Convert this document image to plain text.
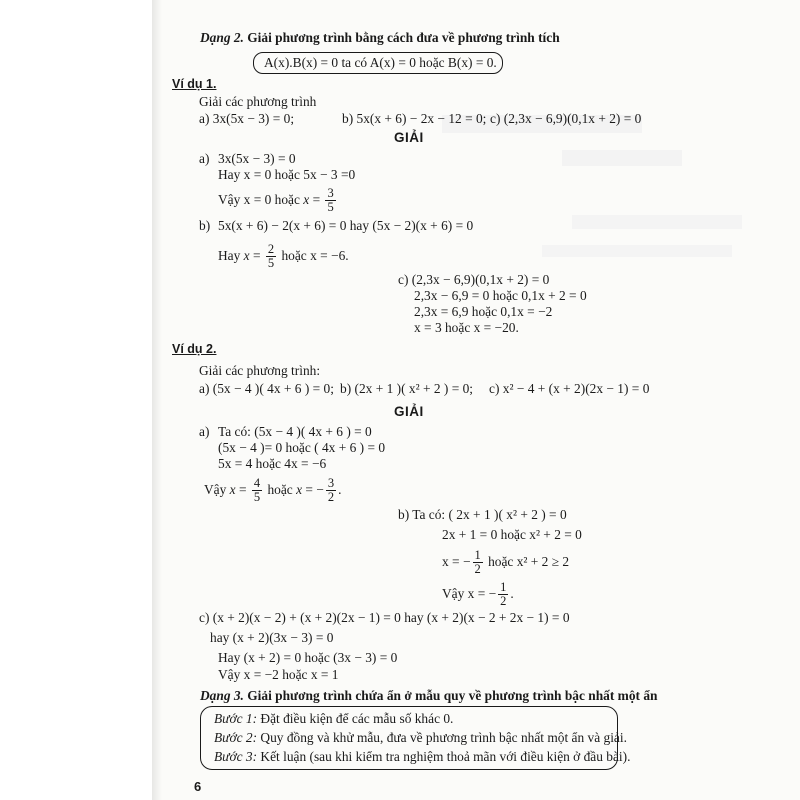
Dạng 2. Giải phương trình bằng cách đưa về phương trình tích
A(x).B(x) = 0 ta có A(x) = 0 hoặc B(x) = 0.
Ví dụ 1.
Giải các phương trình
a) 3x(5x − 3) = 0;	b) 5x(x + 6) − 2x − 12 = 0; c) (2,3x − 6,9)(0,1x + 2) = 0
GIẢI
a) 3x(5x − 3) = 0
Hay x = 0 hoặc 5x − 3 =0
Vậy x = 0 hoặc $x = \frac{3}{5}$
b) 5x(x + 6) − 2(x + 6) = 0 hay (5x − 2)(x + 6) = 0
Hay $x = \frac{2}{5}$ hoặc x = −6.
c) (2,3x − 6,9)(0,1x + 2) = 0
2,3x − 6,9 = 0 hoặc 0,1x + 2 = 0
2,3x = 6,9 hoặc 0,1x = −2
x = 3 hoặc x = −20.
Ví dụ 2.
Giải các phương trình:
a) (5x − 4 )( 4x + 6 ) = 0; b) (2x + 1 )( x² + 2 ) = 0; c) x² − 4 + (x + 2)(2x − 1) = 0
GIẢI
a) Ta có: (5x − 4 )( 4x + 6 ) = 0
(5x − 4 )= 0 hoặc ( 4x + 6 ) = 0
5x = 4 hoặc 4x = −6
Vậy $x = \frac{4}{5}$ hoặc x = − $\frac{3}{2}$ .
b) Ta có: ( 2x + 1 )( x² + 2 ) = 0
2x + 1 = 0 hoặc x² + 2 = 0
x = − $\frac{1}{2}$ hoặc x² + 2 ≥ 2
Vậy x = − $\frac{1}{2}$ .
c) (x + 2)(x − 2) + (x + 2)(2x − 1) = 0 hay (x + 2)(x − 2 + 2x − 1) = 0
hay (x + 2)(3x − 3) = 0
Hay (x + 2) = 0 hoặc (3x − 3) = 0
Vậy x = −2 hoặc x = 1
Dạng 3. Giải phương trình chứa ẩn ở mẫu quy về phương trình bậc nhất một ẩn
Bước 1: Đặt điều kiện để các mẫu số khác 0.
Bước 2: Quy đồng và khử mẫu, đưa về phương trình bậc nhất một ẩn và giải.
Bước 3: Kết luận (sau khi kiểm tra nghiệm thoả mãn với điều kiện ở đầu bài).
6
